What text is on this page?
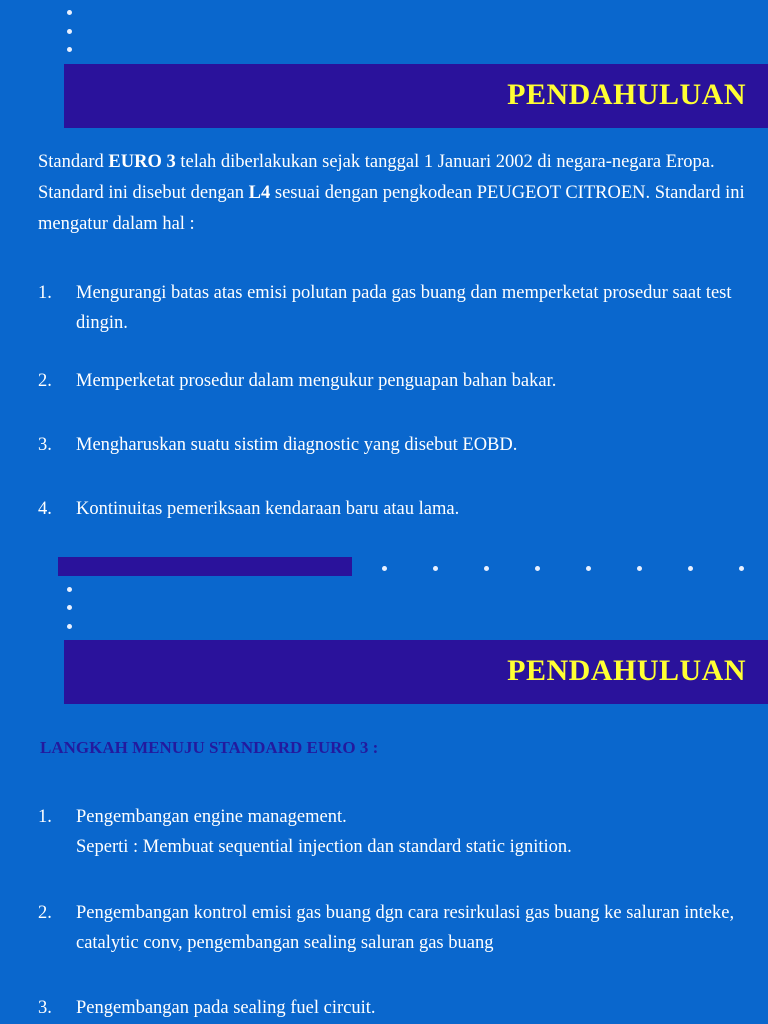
PENDAHULUAN
Standard EURO 3 telah diberlakukan sejak tanggal 1 Januari 2002 di negara-negara Eropa. Standard ini disebut dengan L4 sesuai dengan pengkodean PEUGEOT CITROEN. Standard ini mengatur dalam hal :
1. Mengurangi batas atas emisi polutan pada gas buang dan memperketat prosedur saat test dingin.
2. Memperketat prosedur dalam mengukur penguapan bahan bakar.
3. Mengharuskan suatu sistim diagnostic yang disebut EOBD.
4. Kontinuitas pemeriksaan kendaraan baru atau lama.
PENDAHULUAN
LANGKAH MENUJU STANDARD EURO 3 :
1. Pengembangan engine management.
Seperti : Membuat sequential injection dan standard static ignition.
2. Pengembangan kontrol emisi gas buang dgn cara resirkulasi gas buang ke saluran inteke, catalytic conv, pengembangan sealing saluran gas buang
3. Pengembangan pada sealing fuel circuit.
